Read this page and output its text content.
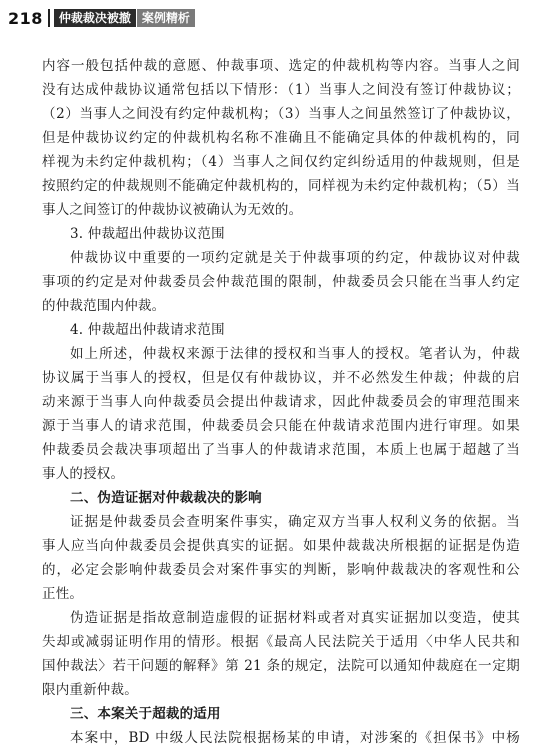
218	仲裁裁决被撤 案例精析
内容一般包括仲裁的意愿、仲裁事项、选定的仲裁机构等内容。当事人之间
没有达成仲裁协议通常包括以下情形：（1）当事人之间没有签订仲裁协议；
（2）当事人之间没有约定仲裁机构；（3）当事人之间虽然签订了仲裁协议，
但是仲裁协议约定的仲裁机构名称不准确且不能确定具体的仲裁机构的，同
样视为未约定仲裁机构；（4）当事人之间仅约定纠纷适用的仲裁规则，但是
按照约定的仲裁规则不能确定仲裁机构的，同样视为未约定仲裁机构；（5）当
事人之间签订的仲裁协议被确认为无效的。
3. 仲裁超出仲裁协议范围
仲裁协议中重要的一项约定就是关于仲裁事项的约定，仲裁协议对仲裁
事项的约定是对仲裁委员会仲裁范围的限制，仲裁委员会只能在当事人约定
的仲裁范围内仲裁。
4. 仲裁超出仲裁请求范围
如上所述，仲裁权来源于法律的授权和当事人的授权。笔者认为，仲裁
协议属于当事人的授权，但是仅有仲裁协议，并不必然发生仲裁；仲裁的启
动来源于当事人向仲裁委员会提出仲裁请求，因此仲裁委员会的审理范围来
源于当事人的请求范围，仲裁委员会只能在仲裁请求范围内进行审理。如果
仲裁委员会裁决事项超出了当事人的仲裁请求范围，本质上也属于超越了当
事人的授权。
二、伪造证据对仲裁裁决的影响
证据是仲裁委员会查明案件事实，确定双方当事人权利义务的依据。当
事人应当向仲裁委员会提供真实的证据。如果仲裁裁决所根据的证据是伪造
的，必定会影响仲裁委员会对案件事实的判断，影响仲裁裁决的客观性和公
正性。
伪造证据是指故意制造虚假的证据材料或者对真实证据加以变造，使其
失却或减弱证明作用的情形。根据《最高人民法院关于适用〈中华人民共和
国仲裁法〉若干问题的解释》第 21 条的规定，法院可以通知仲裁庭在一定期
限内重新仲裁。
三、本案关于超裁的适用
本案中，BD 中级人民法院根据杨某的申请，对涉案的《担保书》中杨
